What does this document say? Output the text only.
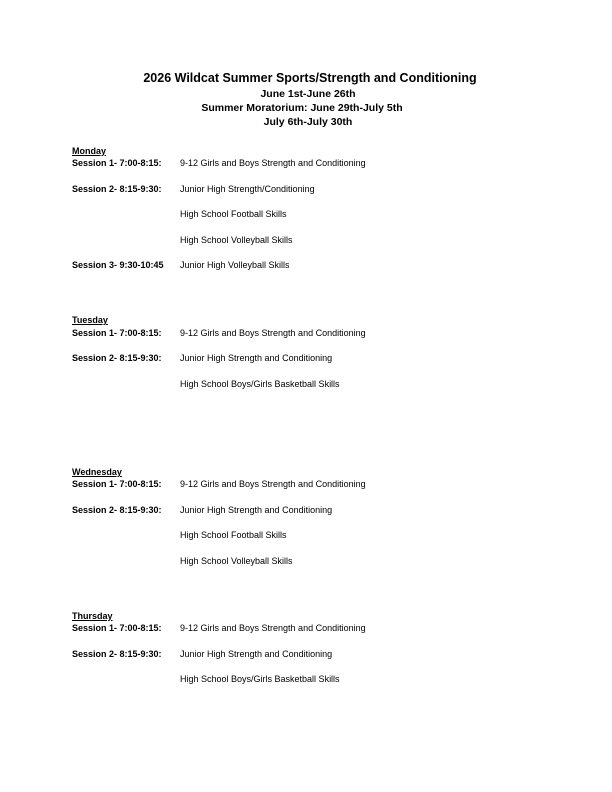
2026 Wildcat Summer Sports/Strength and Conditioning
June 1st-June 26th
Summer Moratorium: June 29th-July 5th
July 6th-July 30th
Monday
Session 1- 7:00-8:15: 9-12 Girls and Boys Strength and Conditioning
Session 2- 8:15-9:30: Junior High Strength/Conditioning
High School Football Skills
High School Volleyball Skills
Session 3- 9:30-10:45 Junior High Volleyball Skills
Tuesday
Session 1- 7:00-8:15: 9-12 Girls and Boys Strength and Conditioning
Session 2- 8:15-9:30: Junior High Strength and Conditioning
High School Boys/Girls Basketball Skills
Wednesday
Session 1- 7:00-8:15: 9-12 Girls and Boys Strength and Conditioning
Session 2- 8:15-9:30: Junior High Strength and Conditioning
High School Football Skills
High School Volleyball Skills
Thursday
Session 1- 7:00-8:15: 9-12 Girls and Boys Strength and Conditioning
Session 2- 8:15-9:30: Junior High Strength and Conditioning
High School Boys/Girls Basketball Skills
